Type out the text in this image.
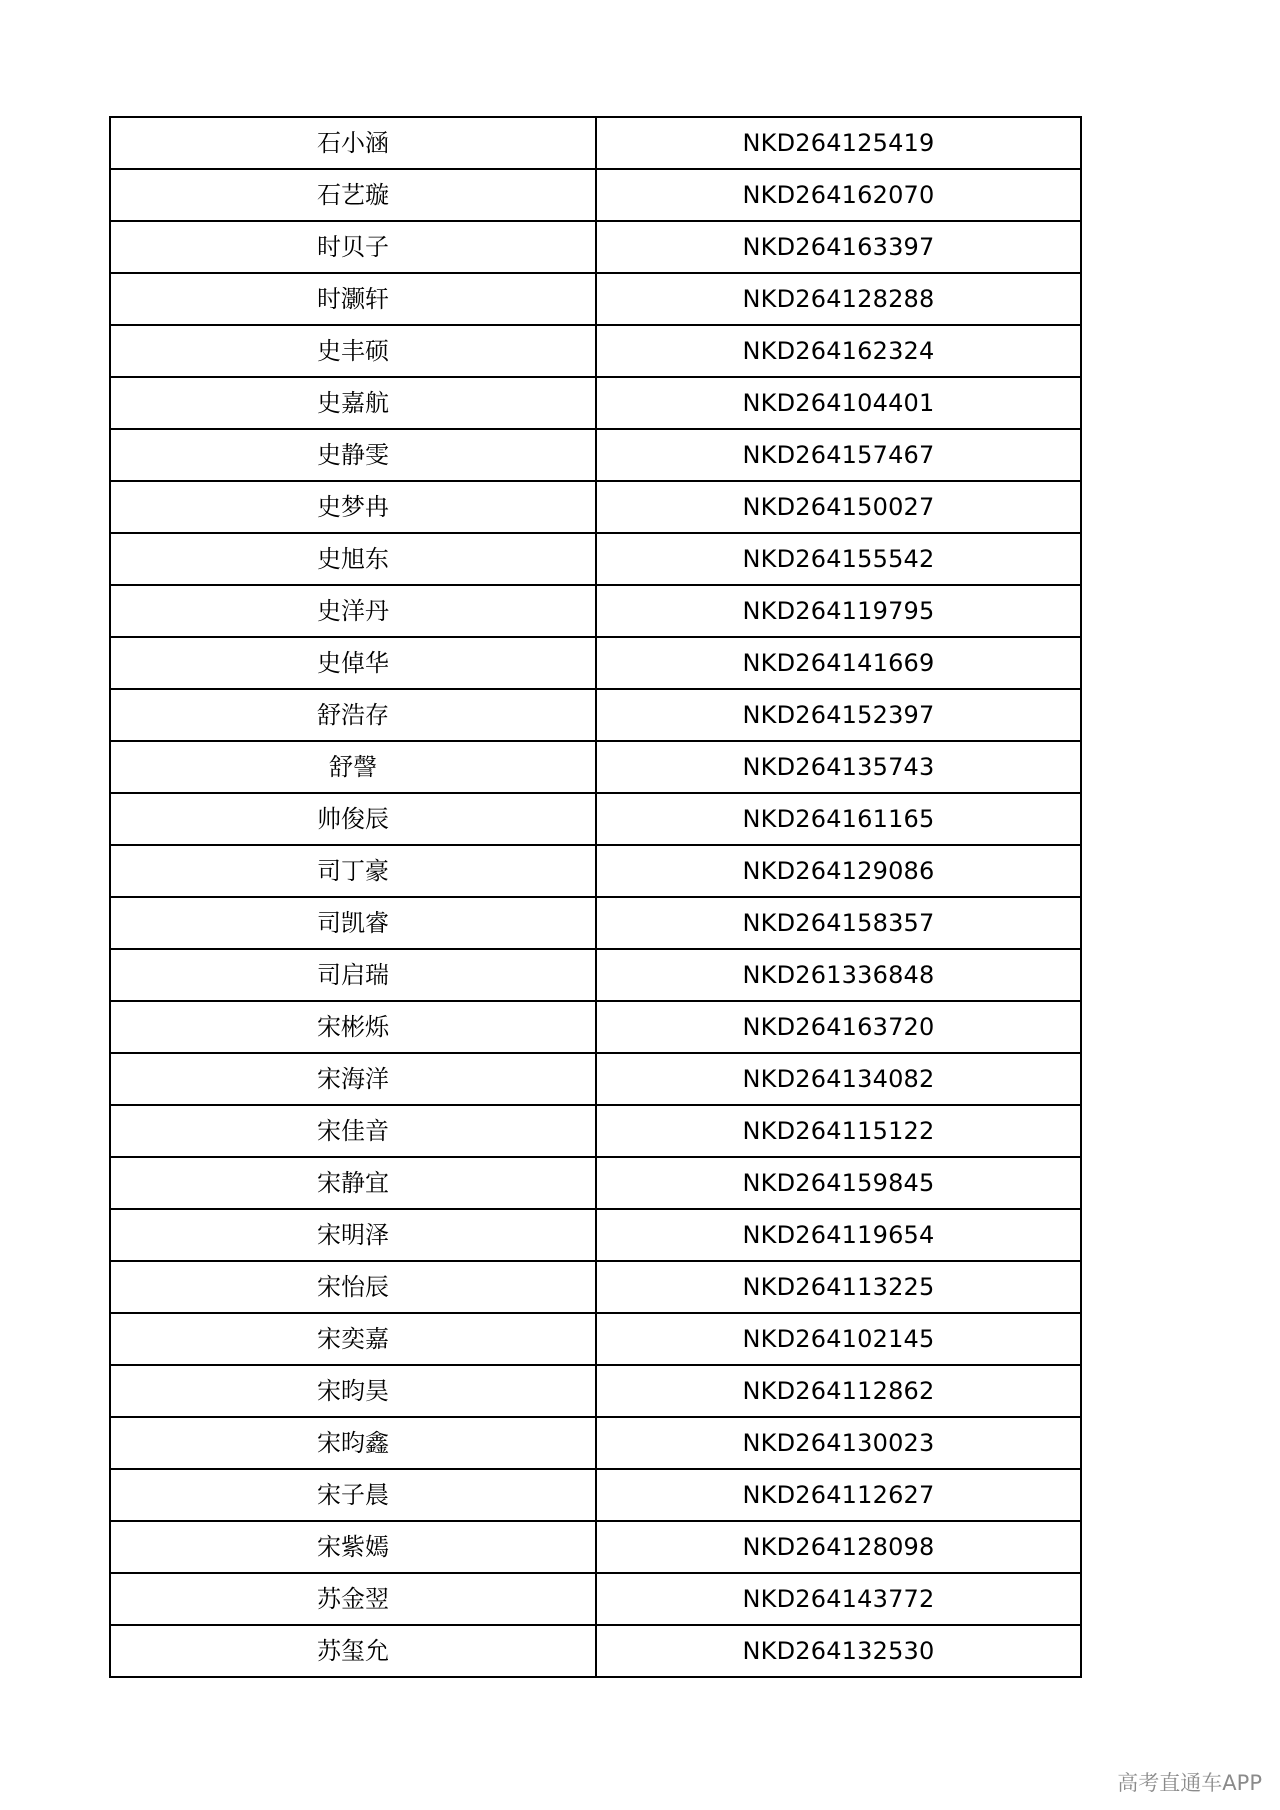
石小涵	NKD264125419
石艺璇	NKD264162070
时贝子	NKD264163397
时灏轩	NKD264128288
史丰硕	NKD264162324
史嘉航	NKD264104401
史静雯	NKD264157467
史梦冉	NKD264150027
史旭东	NKD264155542
史洋丹	NKD264119795
史倬华	NKD264141669
舒浩存	NKD264152397
舒謦	NKD264135743
帅俊辰	NKD264161165
司丁豪	NKD264129086
司凯睿	NKD264158357
司启瑞	NKD261336848
宋彬烁	NKD264163720
宋海洋	NKD264134082
宋佳音	NKD264115122
宋静宜	NKD264159845
宋明泽	NKD264119654
宋怡辰	NKD264113225
宋奕嘉	NKD264102145
宋昀昊	NKD264112862
宋昀鑫	NKD264130023
宋子晨	NKD264112627
宋紫嫣	NKD264128098
苏金翌	NKD264143772
苏玺允	NKD264132530
高考直通车APP
